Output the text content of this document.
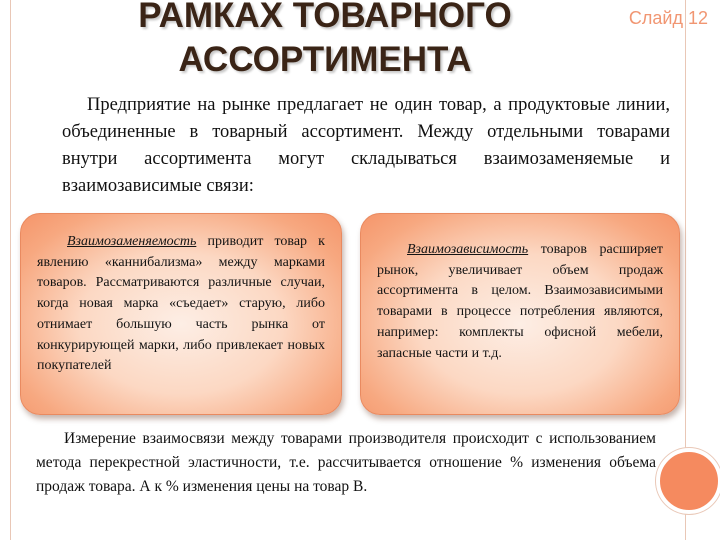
Слайд 12
РАМКАХ ТОВАРНОГО
АССОРТИМЕНТА

Предприятие на рынке предлагает не один товар, а продуктовые линии, объединенные в товарный ассортимент. Между отдельными товарами внутри ассортимента могут складываться взаимозаменяемые и взаимозависимые связи:

Взаимозаменяемость приводит товар к явлению «каннибализма» между марками товаров. Рассматриваются различные случаи, когда новая марка «съедает» старую, либо отнимает большую часть рынка от конкурирующей марки, либо привлекает новых покупателей

Взаимозависимость товаров расширяет рынок, увеличивает объем продаж ассортимента в целом. Взаимозависимыми товарами в процессе потребления являются, например: комплекты офисной мебели, запасные части и т.д.

Измерение взаимосвязи между товарами производителя происходит с использованием метода перекрестной эластичности, т.е. рассчитывается отношение % изменения объема продаж товара. А к % изменения цены на товар В.
